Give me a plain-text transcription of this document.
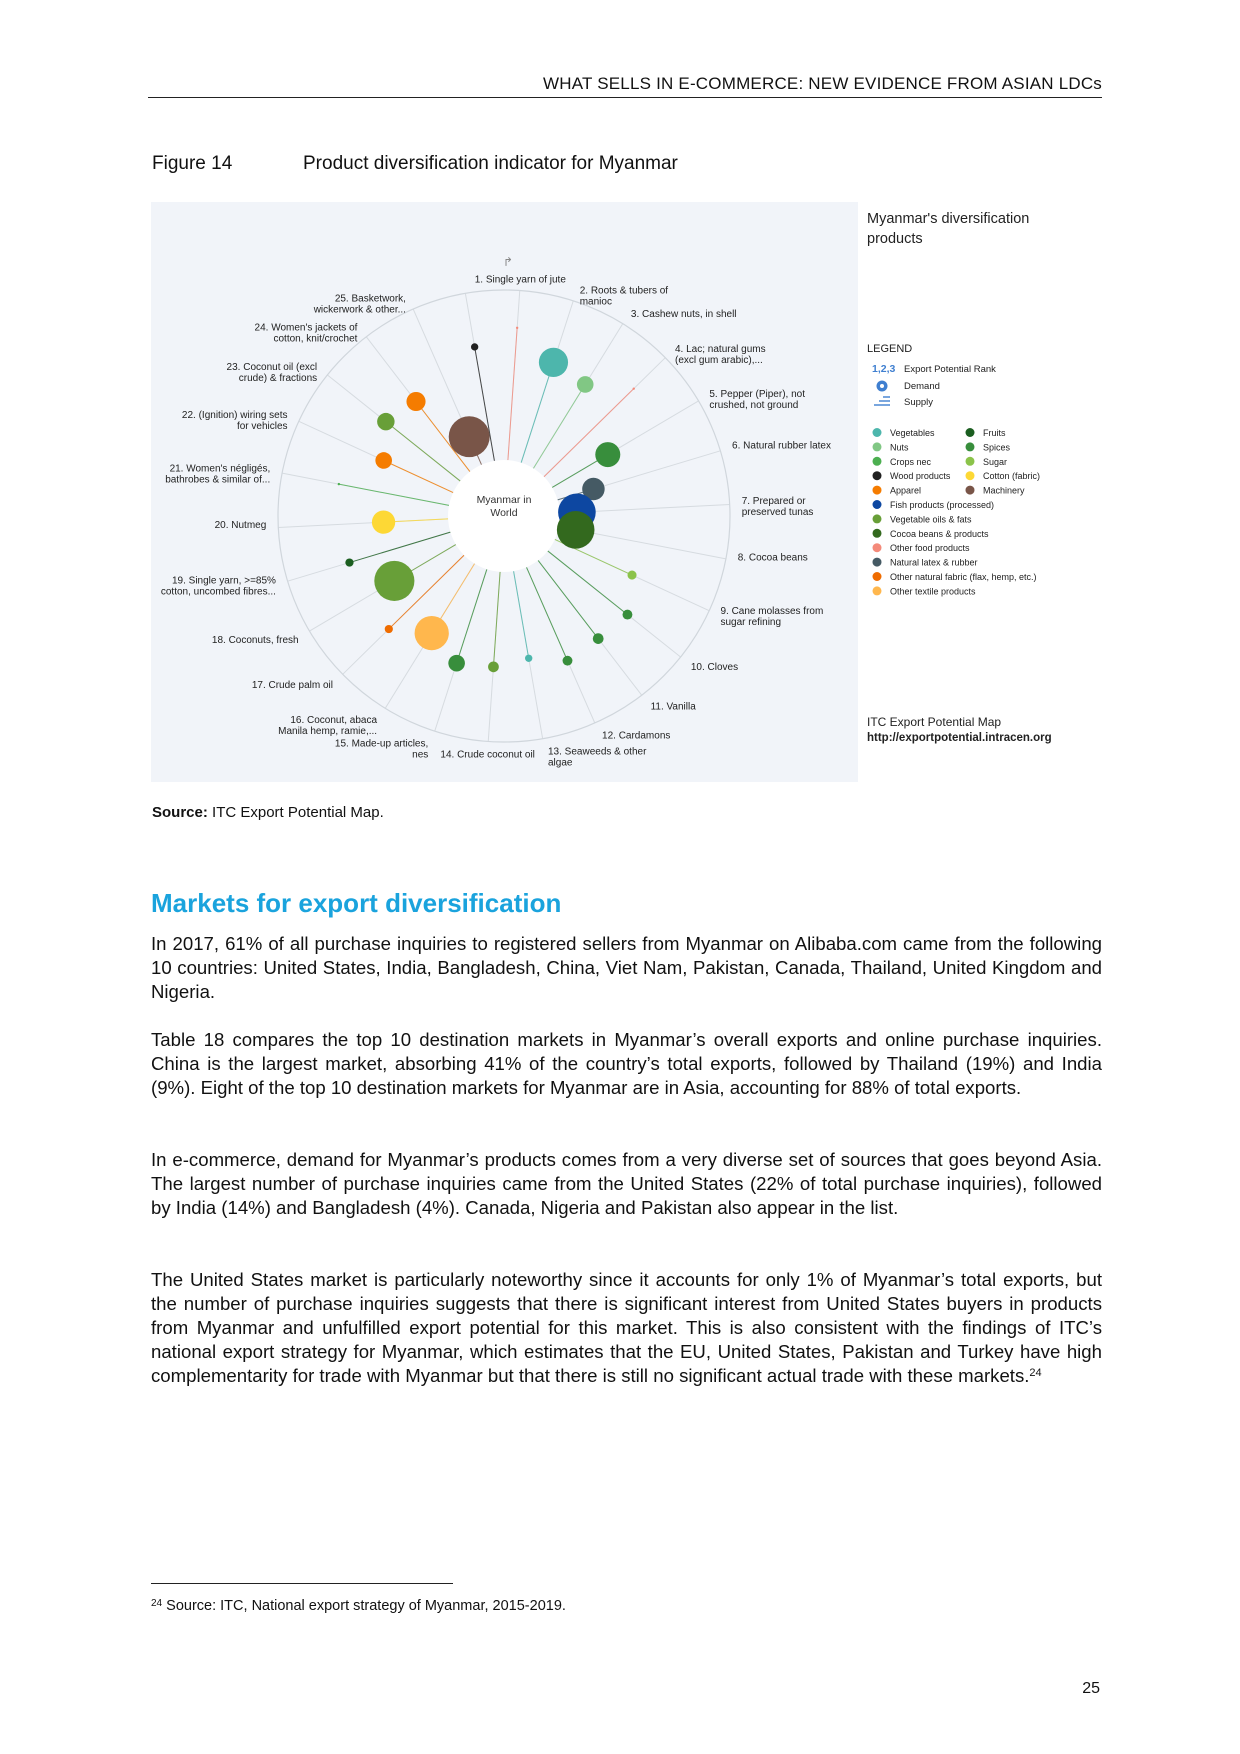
WHAT SELLS IN E-COMMERCE: NEW EVIDENCE FROM ASIAN LDCs
Figure 14	Product diversification indicator for Myanmar
Myanmar in
World
1. Single yarn of jute
2. Roots & tubers of manioc
3. Cashew nuts, in shell
4. Lac; natural gums (excl gum arabic),...
5. Pepper (Piper), not crushed, not ground
6. Natural rubber latex
7. Prepared or preserved tunas
8. Cocoa beans
9. Cane molasses from sugar refining
10. Cloves
11. Vanilla
12. Cardamons
13. Seaweeds & other algae
14. Crude coconut oil
15. Made-up articles, nes
16. Coconut, abaca Manila hemp, ramie,...
17. Crude palm oil
18. Coconuts, fresh
19. Single yarn, >=85% cotton, uncombed fibres...
20. Nutmeg
21. Women's négligés, bathrobes & similar of...
22. (Ignition) wiring sets for vehicles
23. Coconut oil (excl crude) & fractions
24. Women's jackets of cotton, knit/crochet
25. Basketwork, wickerwork & other...
↱
Myanmar's diversification
products
LEGEND
1,2,3 Export Potential Rank
Demand
Supply
Vegetables
Nuts
Crops nec
Wood products
Apparel
Fish products (processed)
Vegetable oils & fats
Cocoa beans & products
Other food products
Natural latex & rubber
Other natural fabric (flax, hemp, etc.)
Other textile products
Fruits
Spices
Sugar
Cotton (fabric)
Machinery
ITC Export Potential Map
http://exportpotential.intracen.org
Source: ITC Export Potential Map.
Markets for export diversification

In 2017, 61% of all purchase inquiries to registered sellers from Myanmar on Alibaba.com came from the following 10 countries: United States, India, Bangladesh, China, Viet Nam, Pakistan, Canada, Thailand, United Kingdom and Nigeria.

Table 18 compares the top 10 destination markets in Myanmar’s overall exports and online purchase inquiries. China is the largest market, absorbing 41% of the country’s total exports, followed by Thailand (19%) and India (9%). Eight of the top 10 destination markets for Myanmar are in Asia, accounting for 88% of total exports.

In e-commerce, demand for Myanmar’s products comes from a very diverse set of sources that goes beyond Asia. The largest number of purchase inquiries came from the United States (22% of total purchase inquiries), followed by India (14%) and Bangladesh (4%). Canada, Nigeria and Pakistan also appear in the list.

The United States market is particularly noteworthy since it accounts for only 1% of Myanmar’s total exports, but the number of purchase inquiries suggests that there is significant interest from United States buyers in products from Myanmar and unfulfilled export potential for this market. This is also consistent with the findings of ITC’s national export strategy for Myanmar, which estimates that the EU, United States, Pakistan and Turkey have high complementarity for trade with Myanmar but that there is still no significant actual trade with these markets.$^{24}$

$^{24}$ Source: ITC, National export strategy of Myanmar, 2015-2019.
25
